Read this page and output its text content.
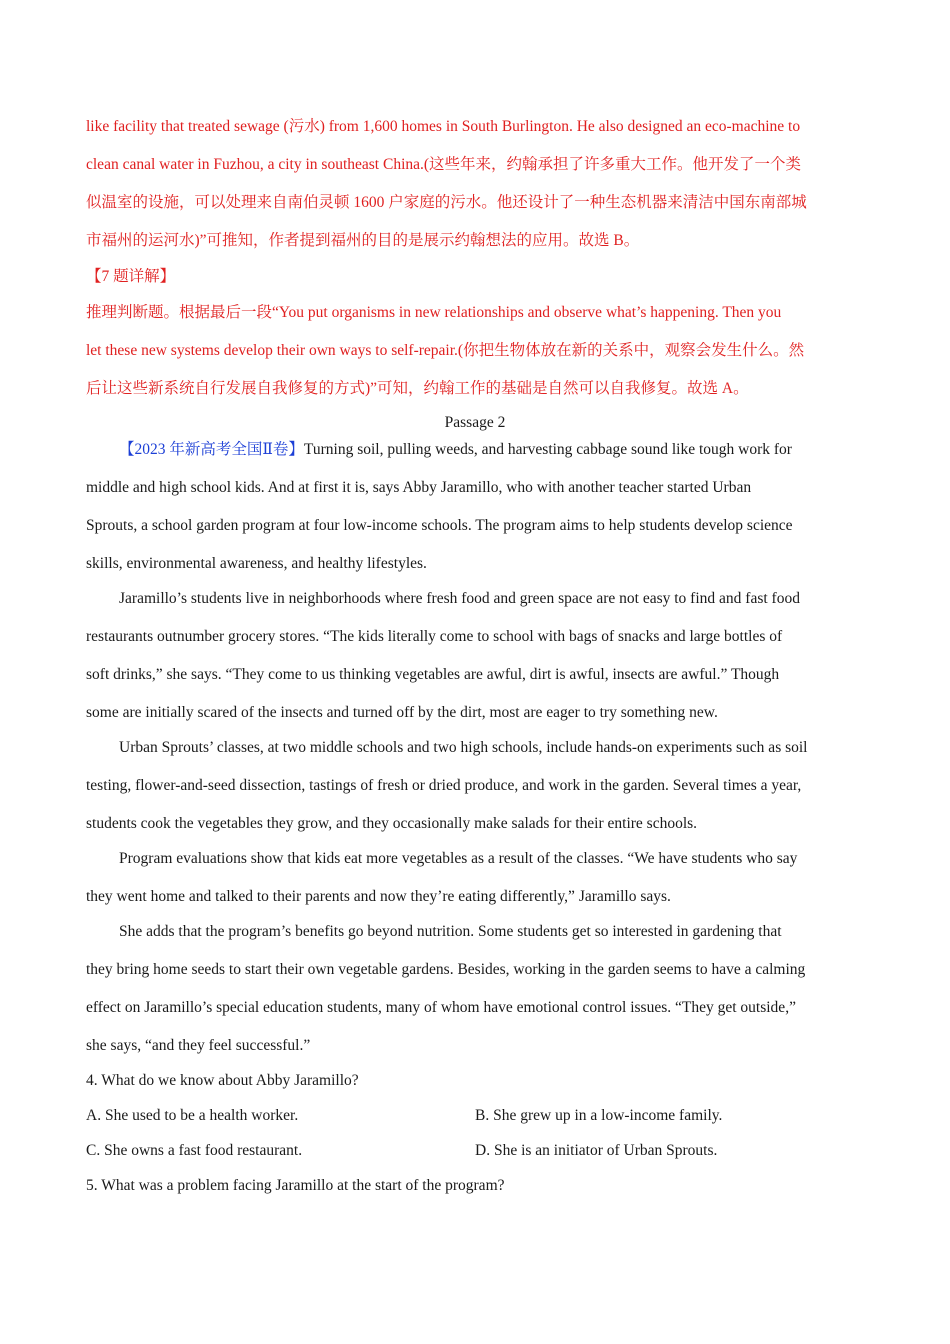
like facility that treated sewage (污水) from 1,600 homes in South Burlington. He also designed an eco-machine to
clean canal water in Fuzhou, a city in southeast China.(这些年来，约翰承担了许多重大工作。他开发了一个类
似温室的设施，可以处理来自南伯灵顿 1600 户家庭的污水。他还设计了一种生态机器来清洁中国东南部城
市福州的运河水)”可推知，作者提到福州的目的是展示约翰想法的应用。故选 B。
【7 题详解】
推理判断题。根据最后一段“You put organisms in new relationships and observe what’s happening. Then you
let these new systems develop their own ways to self-repair.(你把生物体放在新的关系中，观察会发生什么。然
后让这些新系统自行发展自我修复的方式)”可知，约翰工作的基础是自然可以自我修复。故选 A。
Passage 2
【2023 年新高考全国Ⅱ卷】Turning soil, pulling weeds, and harvesting cabbage sound like tough work for
middle and high school kids. And at first it is, says Abby Jaramillo, who with another teacher started Urban
Sprouts, a school garden program at four low-income schools. The program aims to help students develop science
skills, environmental awareness, and healthy lifestyles.
Jaramillo’s students live in neighborhoods where fresh food and green space are not easy to find and fast food
restaurants outnumber grocery stores. “The kids literally come to school with bags of snacks and large bottles of
soft drinks,” she says. “They come to us thinking vegetables are awful, dirt is awful, insects are awful.” Though
some are initially scared of the insects and turned off by the dirt, most are eager to try something new.
Urban Sprouts’ classes, at two middle schools and two high schools, include hands-on experiments such as soil
testing, flower-and-seed dissection, tastings of fresh or dried produce, and work in the garden. Several times a year,
students cook the vegetables they grow, and they occasionally make salads for their entire schools.
Program evaluations show that kids eat more vegetables as a result of the classes. “We have students who say
they went home and talked to their parents and now they’re eating differently,” Jaramillo says.
She adds that the program’s benefits go beyond nutrition. Some students get so interested in gardening that
they bring home seeds to start their own vegetable gardens. Besides, working in the garden seems to have a calming
effect on Jaramillo’s special education students, many of whom have emotional control issues. “They get outside,”
she says, “and they feel successful.”
4. What do we know about Abby Jaramillo?
A. She used to be a health worker.	B. She grew up in a low-income family.
C. She owns a fast food restaurant.	D. She is an initiator of Urban Sprouts.
5. What was a problem facing Jaramillo at the start of the program?
